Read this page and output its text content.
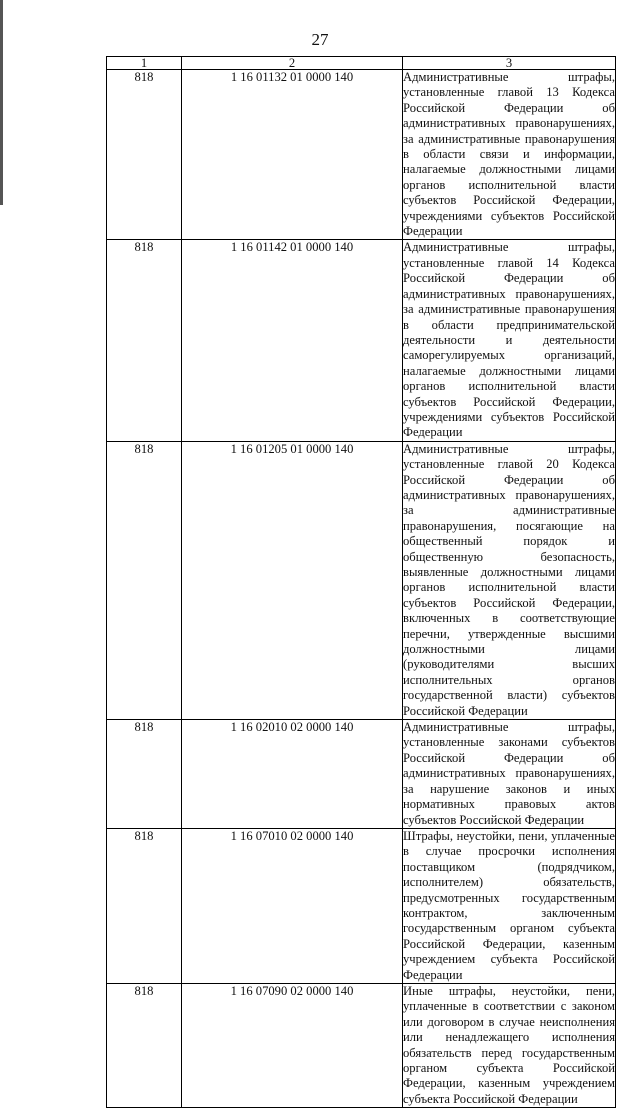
27
1	2	3
818	1 16 01132 01 0000 140	Административные штрафы, установленные главой 13 Кодекса Российской Федерации об административных правонарушениях, за административные правонарушения в области связи и информации, налагаемые должностными лицами органов исполнительной власти субъектов Российской Федерации, учреждениями субъектов Российской Федерации
818	1 16 01142 01 0000 140	Административные штрафы, установленные главой 14 Кодекса Российской Федерации об административных правонарушениях, за административные правонарушения в области предпринимательской деятельности и деятельности саморегулируемых организаций, налагаемые должностными лицами органов исполнительной власти субъектов Российской Федерации, учреждениями субъектов Российской Федерации
818	1 16 01205 01 0000 140	Административные штрафы, установленные главой 20 Кодекса Российской Федерации об административных правонарушениях, за административные правонарушения, посягающие на общественный порядок и общественную безопасность, выявленные должностными лицами органов исполнительной власти субъектов Российской Федерации, включенных в соответствующие перечни, утвержденные высшими должностными лицами (руководителями высших исполнительных органов государственной власти) субъектов Российской Федерации
818	1 16 02010 02 0000 140	Административные штрафы, установленные законами субъектов Российской Федерации об административных правонарушениях, за нарушение законов и иных нормативных правовых актов субъектов Российской Федерации
818	1 16 07010 02 0000 140	Штрафы, неустойки, пени, уплаченные в случае просрочки исполнения поставщиком (подрядчиком, исполнителем) обязательств, предусмотренных государственным контрактом, заключенным государственным органом субъекта Российской Федерации, казенным учреждением субъекта Российской Федерации
818	1 16 07090 02 0000 140	Иные штрафы, неустойки, пени, уплаченные в соответствии с законом или договором в случае неисполнения или ненадлежащего исполнения обязательств перед государственным органом субъекта Российской Федерации, казенным учреждением субъекта Российской Федерации
